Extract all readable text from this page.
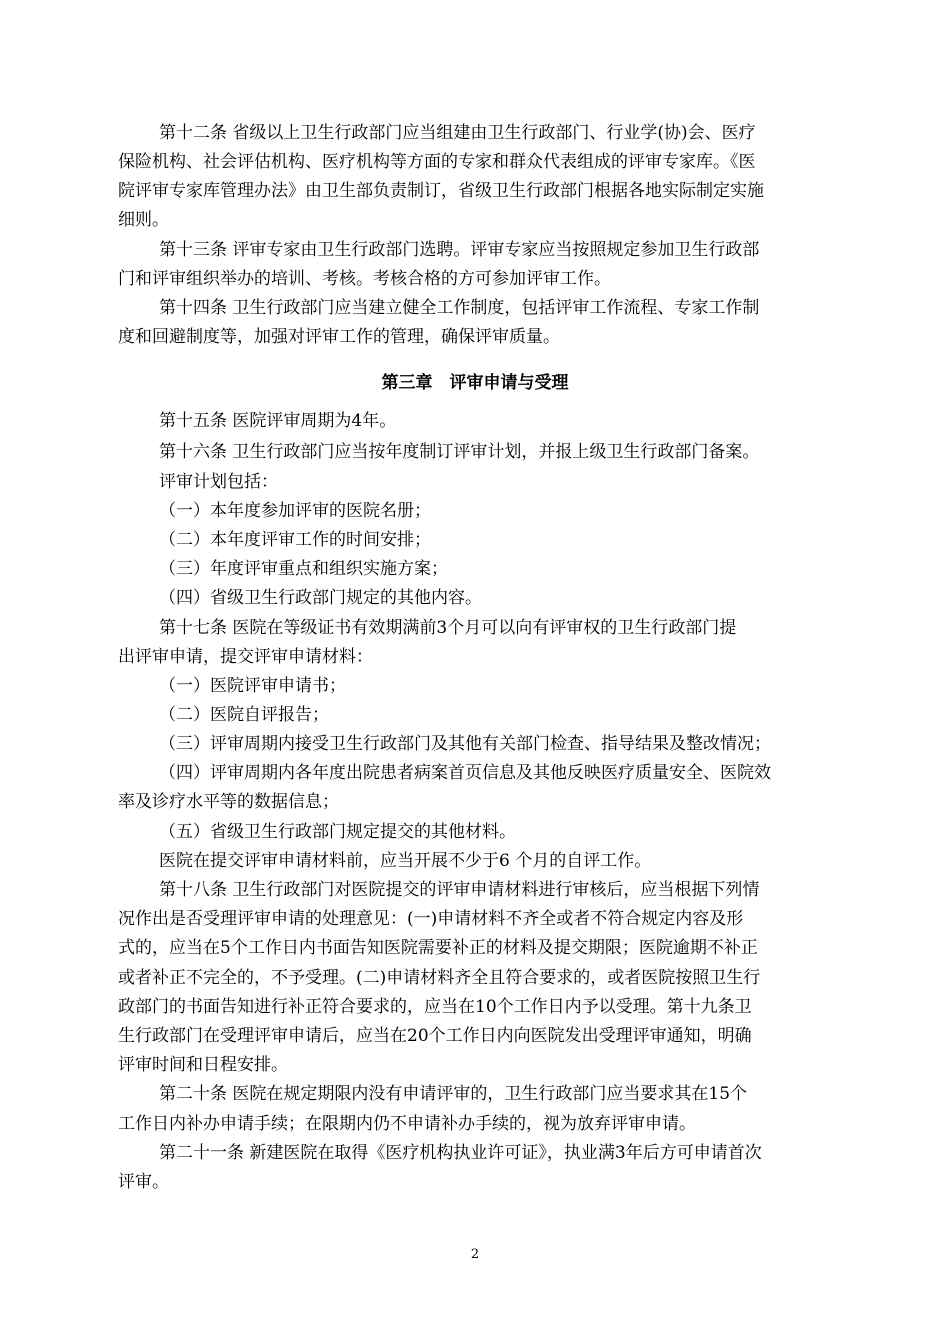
第十二条 省级以上卫生行政部门应当组建由卫生行政部门、行业学(协)会、医疗
保险机构、社会评估机构、医疗机构等方面的专家和群众代表组成的评审专家库。《医
院评审专家库管理办法》由卫生部负责制订，省级卫生行政部门根据各地实际制定实施
细则。
第十三条 评审专家由卫生行政部门选聘。评审专家应当按照规定参加卫生行政部
门和评审组织举办的培训、考核。考核合格的方可参加评审工作。
第十四条 卫生行政部门应当建立健全工作制度，包括评审工作流程、专家工作制
度和回避制度等，加强对评审工作的管理，确保评审质量。
第三章　评审申请与受理
第十五条 医院评审周期为4年。
第十六条 卫生行政部门应当按年度制订评审计划，并报上级卫生行政部门备案。
评审计划包括：
（一）本年度参加评审的医院名册；
（二）本年度评审工作的时间安排；
（三）年度评审重点和组织实施方案；
（四）省级卫生行政部门规定的其他内容。
第十七条 医院在等级证书有效期满前3个月可以向有评审权的卫生行政部门提
出评审申请，提交评审申请材料：
（一）医院评审申请书；
（二）医院自评报告；
（三）评审周期内接受卫生行政部门及其他有关部门检查、指导结果及整改情况；
（四）评审周期内各年度出院患者病案首页信息及其他反映医疗质量安全、医院效
率及诊疗水平等的数据信息；
（五）省级卫生行政部门规定提交的其他材料。
医院在提交评审申请材料前，应当开展不少于6 个月的自评工作。
第十八条 卫生行政部门对医院提交的评审申请材料进行审核后，应当根据下列情
况作出是否受理评审申请的处理意见：(一)申请材料不齐全或者不符合规定内容及形
式的，应当在5个工作日内书面告知医院需要补正的材料及提交期限；医院逾期不补正
或者补正不完全的，不予受理。(二)申请材料齐全且符合要求的，或者医院按照卫生行
政部门的书面告知进行补正符合要求的，应当在10个工作日内予以受理。第十九条卫
生行政部门在受理评审申请后，应当在20个工作日内向医院发出受理评审通知，明确
评审时间和日程安排。
第二十条 医院在规定期限内没有申请评审的，卫生行政部门应当要求其在15个
工作日内补办申请手续；在限期内仍不申请补办手续的，视为放弃评审申请。
第二十一条 新建医院在取得《医疗机构执业许可证》，执业满3年后方可申请首次
评审。
2
